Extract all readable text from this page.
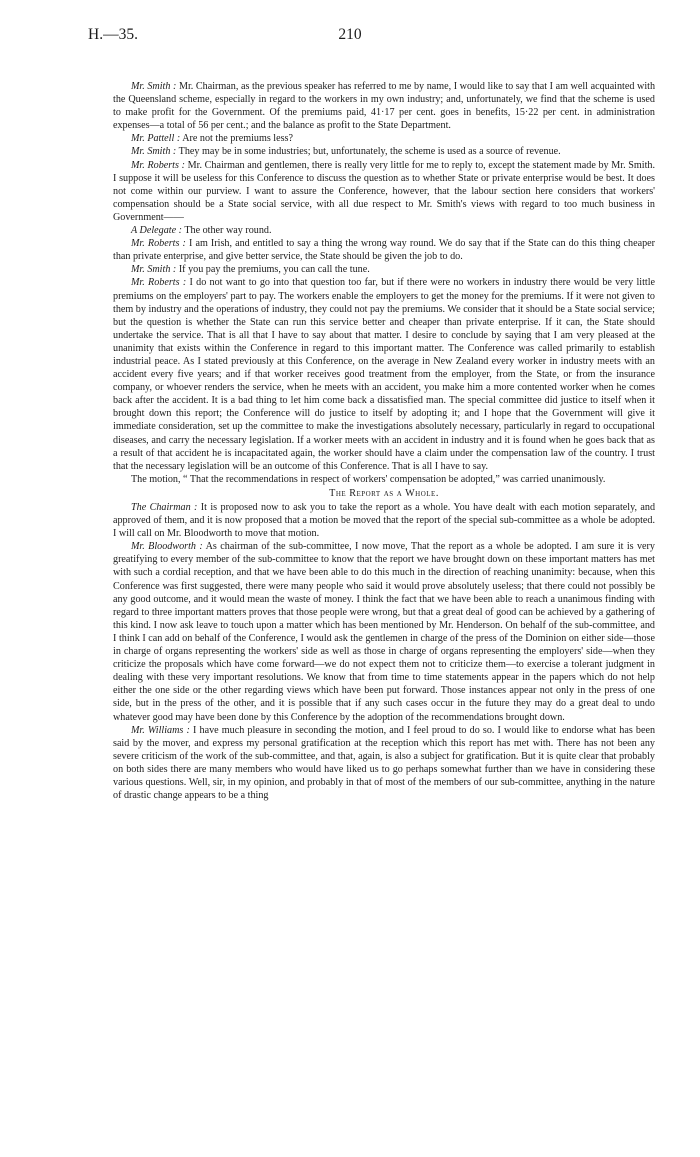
H.—35.	210

Mr. Smith : Mr. Chairman, as the previous speaker has referred to me by name, I would like to say that I am well acquainted with the Queensland scheme, especially in regard to the workers in my own industry; and, unfortunately, we find that the scheme is used to make profit for the Government. Of the premiums paid, 41·17 per cent. goes in benefits, 15·22 per cent. in administration expenses—a total of 56 per cent.; and the balance as profit to the State Department.

Mr. Pattell : Are not the premiums less?

Mr. Smith : They may be in some industries; but, unfortunately, the scheme is used as a source of revenue.

Mr. Roberts : Mr. Chairman and gentlemen, there is really very little for me to reply to, except the statement made by Mr. Smith. I suppose it will be useless for this Conference to discuss the question as to whether State or private enterprise would be best. It does not come within our purview. I want to assure the Conference, however, that the labour section here considers that workers' compensation should be a State social service, with all due respect to Mr. Smith's views with regard to too much business in Government——

A Delegate : The other way round.

Mr. Roberts : I am Irish, and entitled to say a thing the wrong way round. We do say that if the State can do this thing cheaper than private enterprise, and give better service, the State should be given the job to do.

Mr. Smith : If you pay the premiums, you can call the tune.

Mr. Roberts : I do not want to go into that question too far, but if there were no workers in industry there would be very little premiums on the employers' part to pay. The workers enable the employers to get the money for the premiums. If it were not given to them by industry and the operations of industry, they could not pay the premiums. We consider that it should be a State social service; but the question is whether the State can run this service better and cheaper than private enterprise. If it can, the State should undertake the service. That is all that I have to say about that matter. I desire to conclude by saying that I am very pleased at the unanimity that exists within the Conference in regard to this important matter. The Conference was called primarily to establish industrial peace. As I stated previously at this Conference, on the average in New Zealand every worker in industry meets with an accident every five years; and if that worker receives good treatment from the employer, from the State, or from the insurance company, or whoever renders the service, when he meets with an accident, you make him a more contented worker when he comes back after the accident. It is a bad thing to let him come back a dissatisfied man. The special committee did justice to itself when it brought down this report; the Conference will do justice to itself by adopting it; and I hope that the Government will give it immediate consideration, set up the committee to make the investigations absolutely necessary, particularly in regard to occupational diseases, and carry the necessary legislation. If a worker meets with an accident in industry and it is found when he goes back that as a result of that accident he is incapacitated again, the worker should have a claim under the compensation law of the country. I trust that the necessary legislation will be an outcome of this Conference. That is all I have to say.

The motion, “ That the recommendations in respect of workers' compensation be adopted,” was carried unanimously.

The Report as a Whole.

The Chairman : It is proposed now to ask you to take the report as a whole. You have dealt with each motion separately, and approved of them, and it is now proposed that a motion be moved that the report of the special sub-committee as a whole be adopted. I will call on Mr. Bloodworth to move that motion.

Mr. Bloodworth : As chairman of the sub-committee, I now move, That the report as a whole be adopted. I am sure it is very greatifying to every member of the sub-committee to know that the report we have brought down on these important matters has met with such a cordial reception, and that we have been able to do this much in the direction of reaching unanimity: because, when this Conference was first suggested, there were many people who said it would prove absolutely useless; that there could not possibly be any good outcome, and it would mean the waste of money. I think the fact that we have been able to reach a unanimous finding with regard to three important matters proves that those people were wrong, but that a great deal of good can be achieved by a gathering of this kind. I now ask leave to touch upon a matter which has been mentioned by Mr. Henderson. On behalf of the sub-committee, and I think I can add on behalf of the Conference, I would ask the gentlemen in charge of the press of the Dominion on either side—those in charge of organs representing the workers' side as well as those in charge of organs representing the employers' side—when they criticize the proposals which have come forward—we do not expect them not to criticize them—to exercise a tolerant judgment in dealing with these very important resolutions. We know that from time to time statements appear in the papers which do not help either the one side or the other regarding views which have been put forward. Those instances appear not only in the press of one side, but in the press of the other, and it is possible that if any such cases occur in the future they may do a great deal to undo whatever good may have been done by this Conference by the adoption of the recommendations brought down.

Mr. Williams : I have much pleasure in seconding the motion, and I feel proud to do so. I would like to endorse what has been said by the mover, and express my personal gratification at the reception which this report has met with. There has not been any severe criticism of the work of the sub-committee, and that, again, is also a subject for gratification. But it is quite clear that probably on both sides there are many members who would have liked us to go perhaps somewhat further than we have in considering these various questions. Well, sir, in my opinion, and probably in that of most of the members of our sub-committee, anything in the nature of drastic change appears to be a thing
